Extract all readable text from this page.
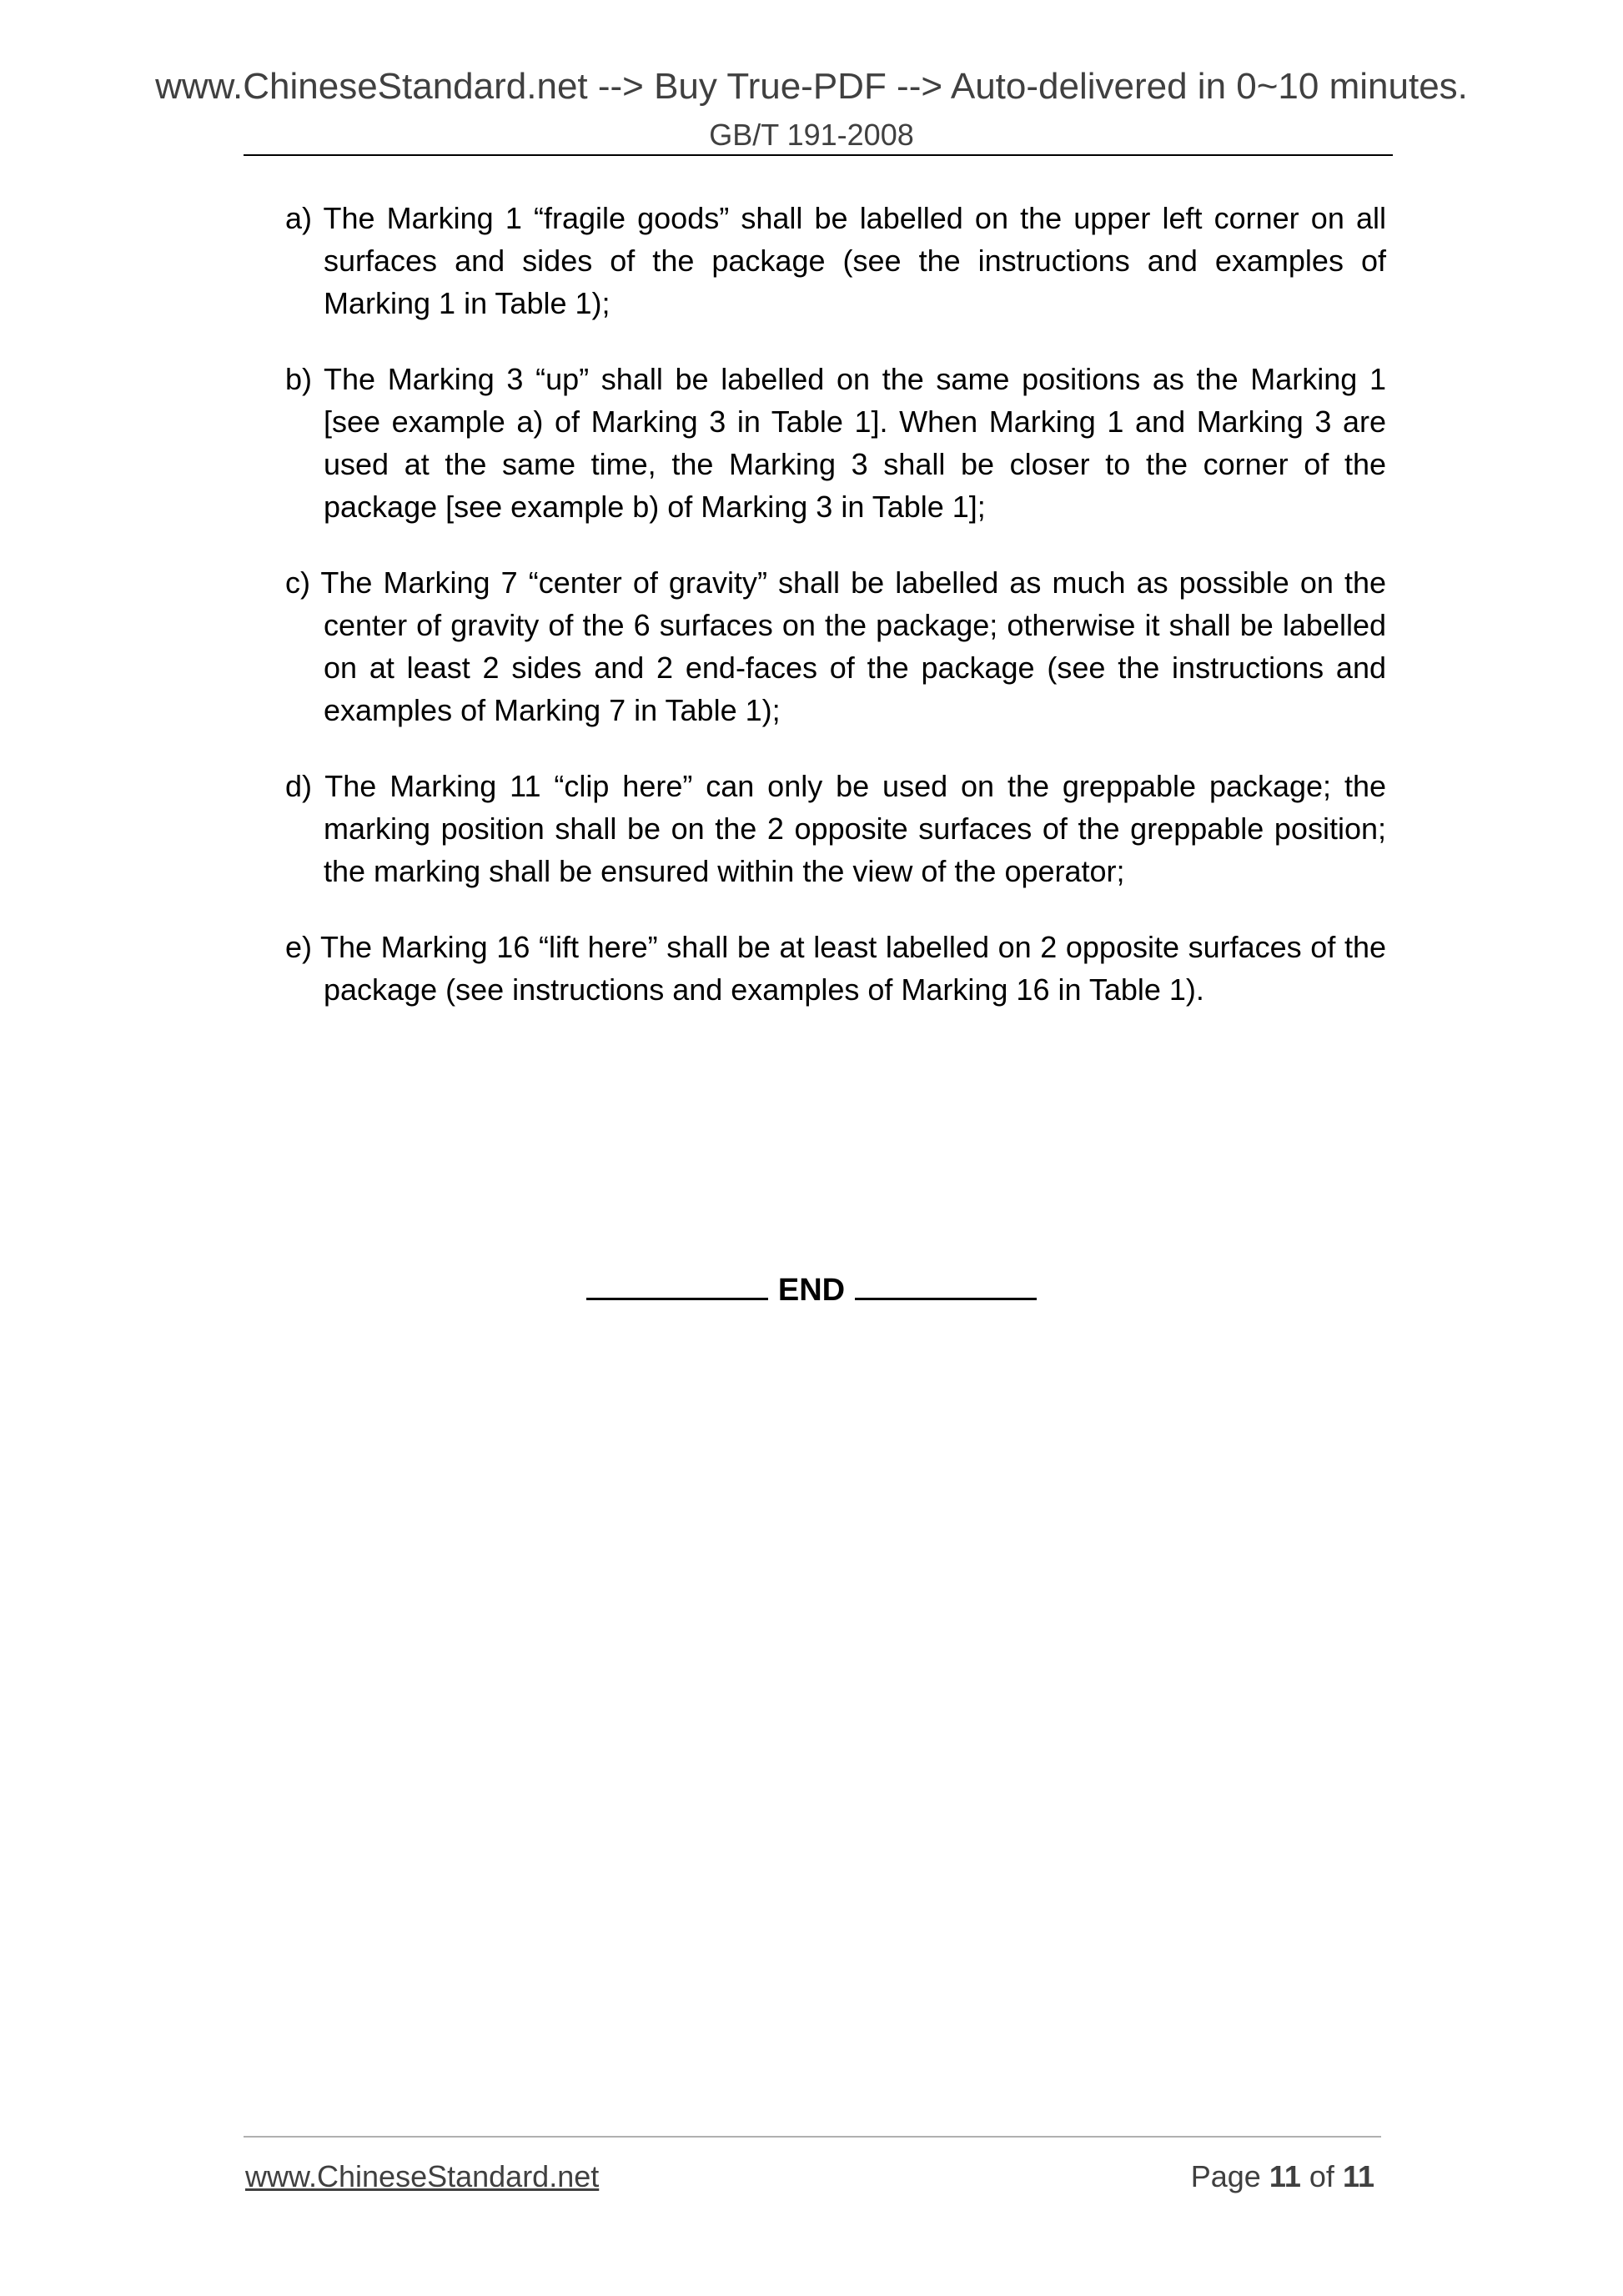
www.ChineseStandard.net --> Buy True-PDF --> Auto-delivered in 0~10 minutes.
GB/T 191-2008

a) The Marking 1 “fragile goods” shall be labelled on the upper left corner on all surfaces and sides of the package (see the instructions and examples of Marking 1 in Table 1);

b) The Marking 3 “up” shall be labelled on the same positions as the Marking 1 [see example a) of Marking 3 in Table 1]. When Marking 1 and Marking 3 are used at the same time, the Marking 3 shall be closer to the corner of the package [see example b) of Marking 3 in Table 1];

c) The Marking 7 “center of gravity” shall be labelled as much as possible on the center of gravity of the 6 surfaces on the package; otherwise it shall be labelled on at least 2 sides and 2 end-faces of the package (see the instructions and examples of Marking 7 in Table 1);

d) The Marking 11 “clip here” can only be used on the greppable package; the marking position shall be on the 2 opposite surfaces of the greppable position; the marking shall be ensured within the view of the operator;

e) The Marking 16 “lift here” shall be at least labelled on 2 opposite surfaces of the package (see instructions and examples of Marking 16 in Table 1).

END
www.ChineseStandard.net	Page 11 of 11
